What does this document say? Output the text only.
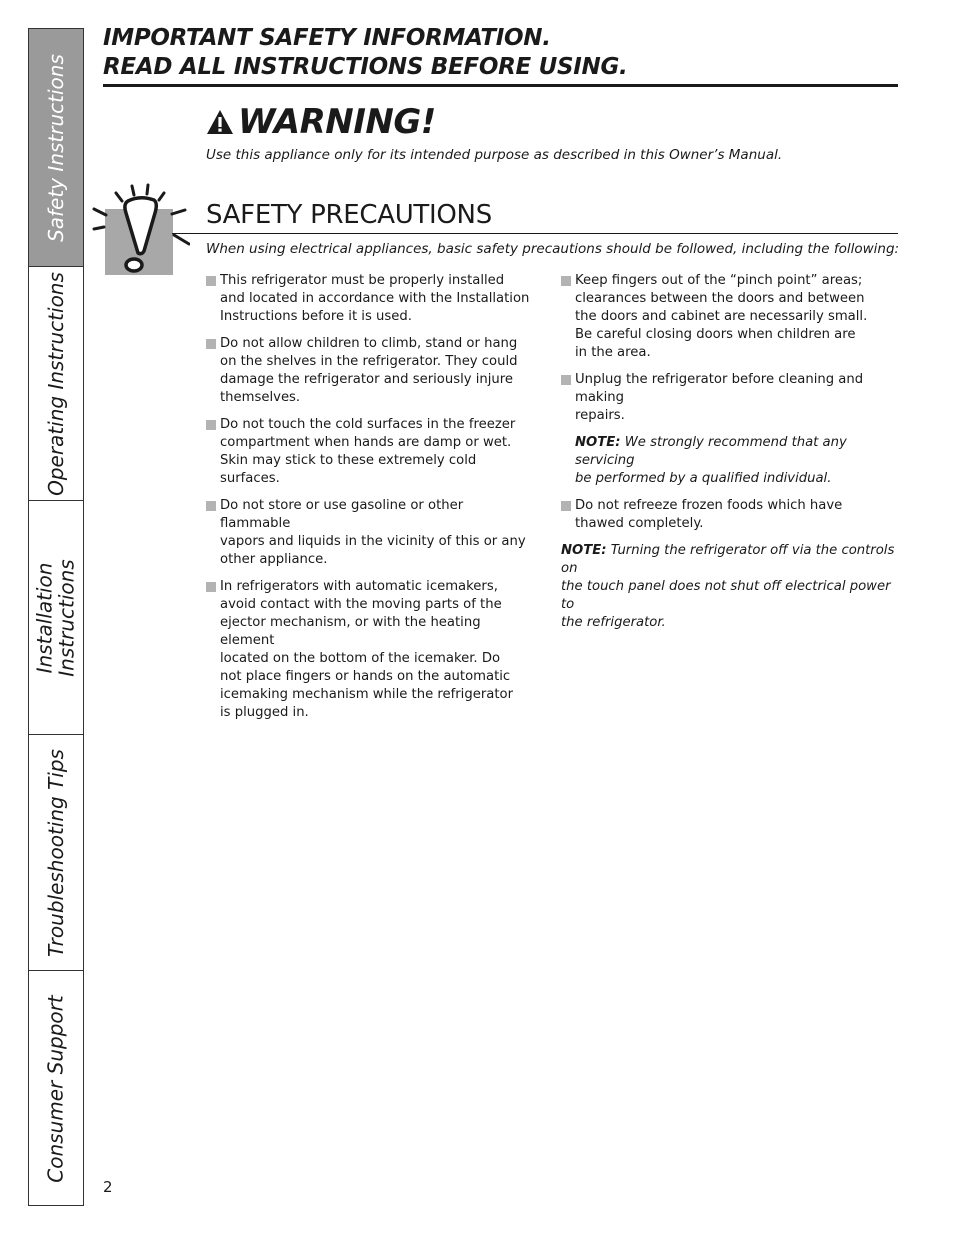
Safety Instructions
Operating Instructions
Installation
Instructions
Troubleshooting Tips
Consumer Support
IMPORTANT SAFETY INFORMATION.
READ ALL INSTRUCTIONS BEFORE USING.
WARNING!
Use this appliance only for its intended purpose as described in this Owner’s Manual.
SAFETY PRECAUTIONS
When using electrical appliances, basic safety precautions should be followed, including the following:
This refrigerator must be properly installed
and located in accordance with the Installation
Instructions before it is used.
Do not allow children to climb, stand or hang
on the shelves in the refrigerator. They could
damage the refrigerator and seriously injure
themselves.
Do not touch the cold surfaces in the freezer
compartment when hands are damp or wet.
Skin may stick to these extremely cold surfaces.
Do not store or use gasoline or other flammable
vapors and liquids in the vicinity of this or any
other appliance.
In refrigerators with automatic icemakers,
avoid contact with the moving parts of the
ejector mechanism, or with the heating element
located on the bottom of the icemaker. Do
not place fingers or hands on the automatic
icemaking mechanism while the refrigerator
is plugged in.
Keep fingers out of the “pinch point” areas;
clearances between the doors and between
the doors and cabinet are necessarily small.
Be careful closing doors when children are
in the area.
Unplug the refrigerator before cleaning and making
repairs.
NOTE: We strongly recommend that any servicing
be performed by a qualified individual.
Do not refreeze frozen foods which have
thawed completely.
NOTE: Turning the refrigerator off via the controls on
the touch panel does not shut off electrical power to
the refrigerator.
2
